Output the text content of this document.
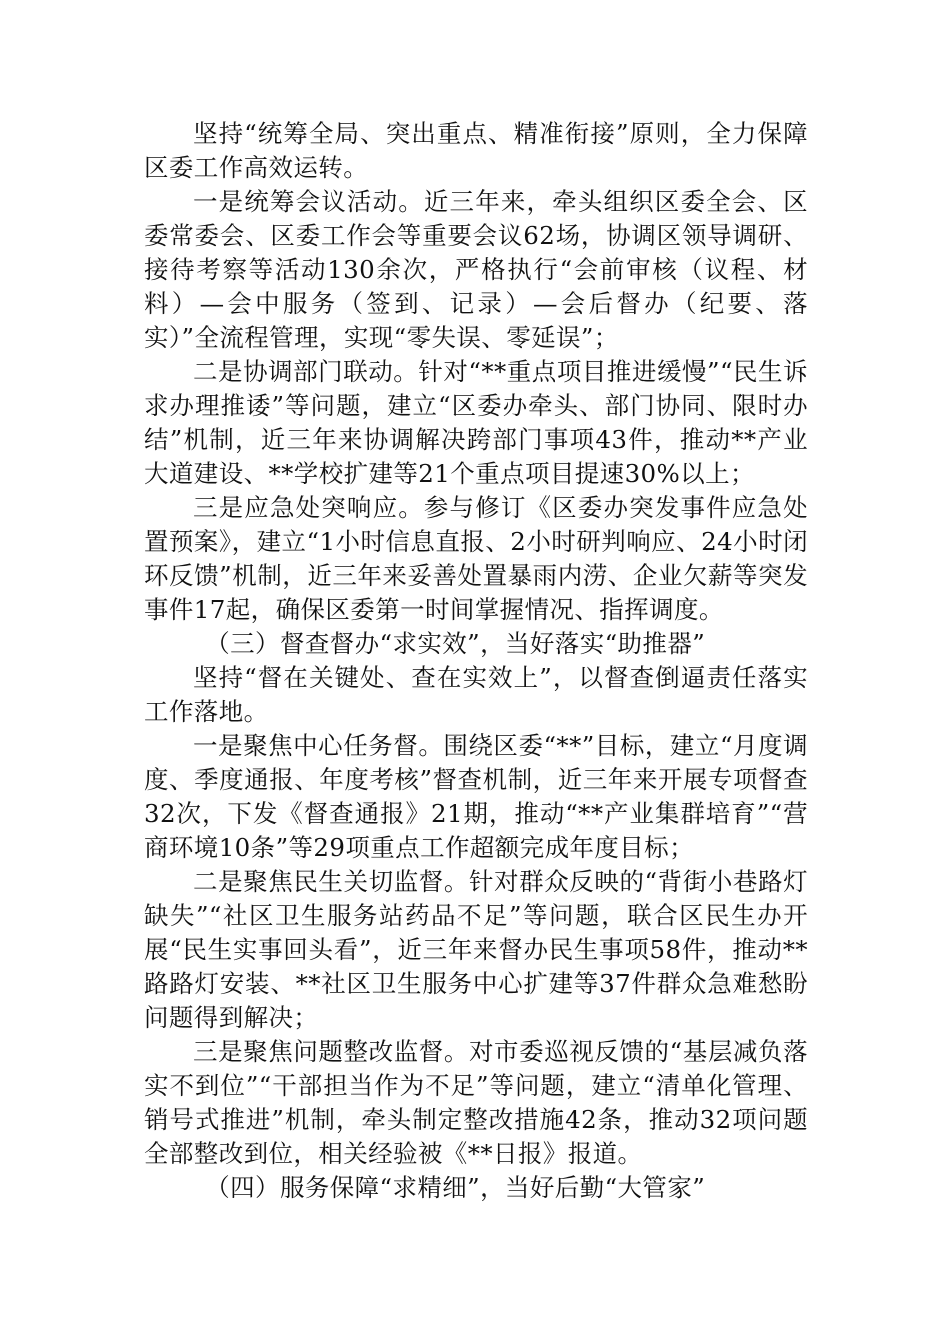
坚持“统筹全局、突出重点、精准衔接”原则，全力保障区委工作高效运转。

一是统筹会议活动。近三年来，牵头组织区委全会、区委常委会、区委工作会等重要会议62场，协调区领导调研、接待考察等活动130余次，严格执行“会前审核（议程、材料）—会中服务（签到、记录）—会后督办（纪要、落实）”全流程管理，实现“零失误、零延误”；

二是协调部门联动。针对“**重点项目推进缓慢”“民生诉求办理推诿”等问题，建立“区委办牵头、部门协同、限时办结”机制，近三年来协调解决跨部门事项43件，推动**产业大道建设、**学校扩建等21个重点项目提速30%以上；

三是应急处突响应。参与修订《区委办突发事件应急处置预案》，建立“1小时信息直报、2小时研判响应、24小时闭环反馈”机制，近三年来妥善处置暴雨内涝、企业欠薪等突发事件17起，确保区委第一时间掌握情况、指挥调度。

（三）督查督办“求实效”，当好落实“助推器”

坚持“督在关键处、查在实效上”，以督查倒逼责任落实工作落地。

一是聚焦中心任务督。围绕区委“**”目标，建立“月度调度、季度通报、年度考核”督查机制，近三年来开展专项督查32次，下发《督查通报》21期，推动“**产业集群培育”“营商环境10条”等29项重点工作超额完成年度目标；

二是聚焦民生关切监督。针对群众反映的“背街小巷路灯缺失”“社区卫生服务站药品不足”等问题，联合区民生办开展“民生实事回头看”，近三年来督办民生事项58件，推动**路路灯安装、**社区卫生服务中心扩建等37件群众急难愁盼问题得到解决；

三是聚焦问题整改监督。对市委巡视反馈的“基层减负落实不到位”“干部担当作为不足”等问题，建立“清单化管理、销号式推进”机制，牵头制定整改措施42条，推动32项问题全部整改到位，相关经验被《**日报》报道。

（四）服务保障“求精细”，当好后勤“大管家”
